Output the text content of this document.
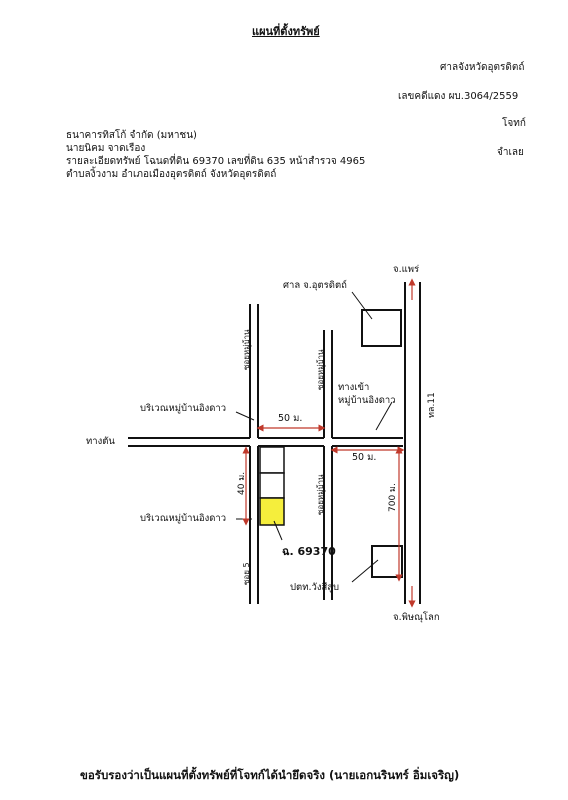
แผนที่ตั้งทรัพย์
ศาลจังหวัดอุตรดิตถ์
เลขคดีแดง ผบ.3064/2559
โจทก์
จำเลย
ธนาคารทิสโก้ จำกัด (มหาชน)
นายนิคม จาดเรือง
รายละเอียดทรัพย์ โฉนดที่ดิน 69370 เลขที่ดิน 635 หน้าสำรวจ 4965
ตำบลงิ้วงาม อำเภอเมืองอุตรดิตถ์ จังหวัดอุตรดิตถ์
จ.แพร่
จ.พิษณุโลก
ศาล จ.อุตรดิตถ์
ทางเข้า
หมู่บ้านอิงดาว
บริเวณหมู่บ้านอิงดาว
บริเวณหมู่บ้านอิงดาว
ทางตัน
50 ม.
50 ม.
ฉ. 69370
ปตท.วังสีสูบ
ซอยหมู่บ้าน	ซอยหมู่บ้าน
ซอยหมู่บ้าน
ซอย 5
40 ม.	700 ม.
ทล.11
ขอรับรองว่าเป็นแผนที่ตั้งทรัพย์ที่โจทก์ได้นำยึดจริง (นายเอกนรินทร์ อิ่มเจริญ)
